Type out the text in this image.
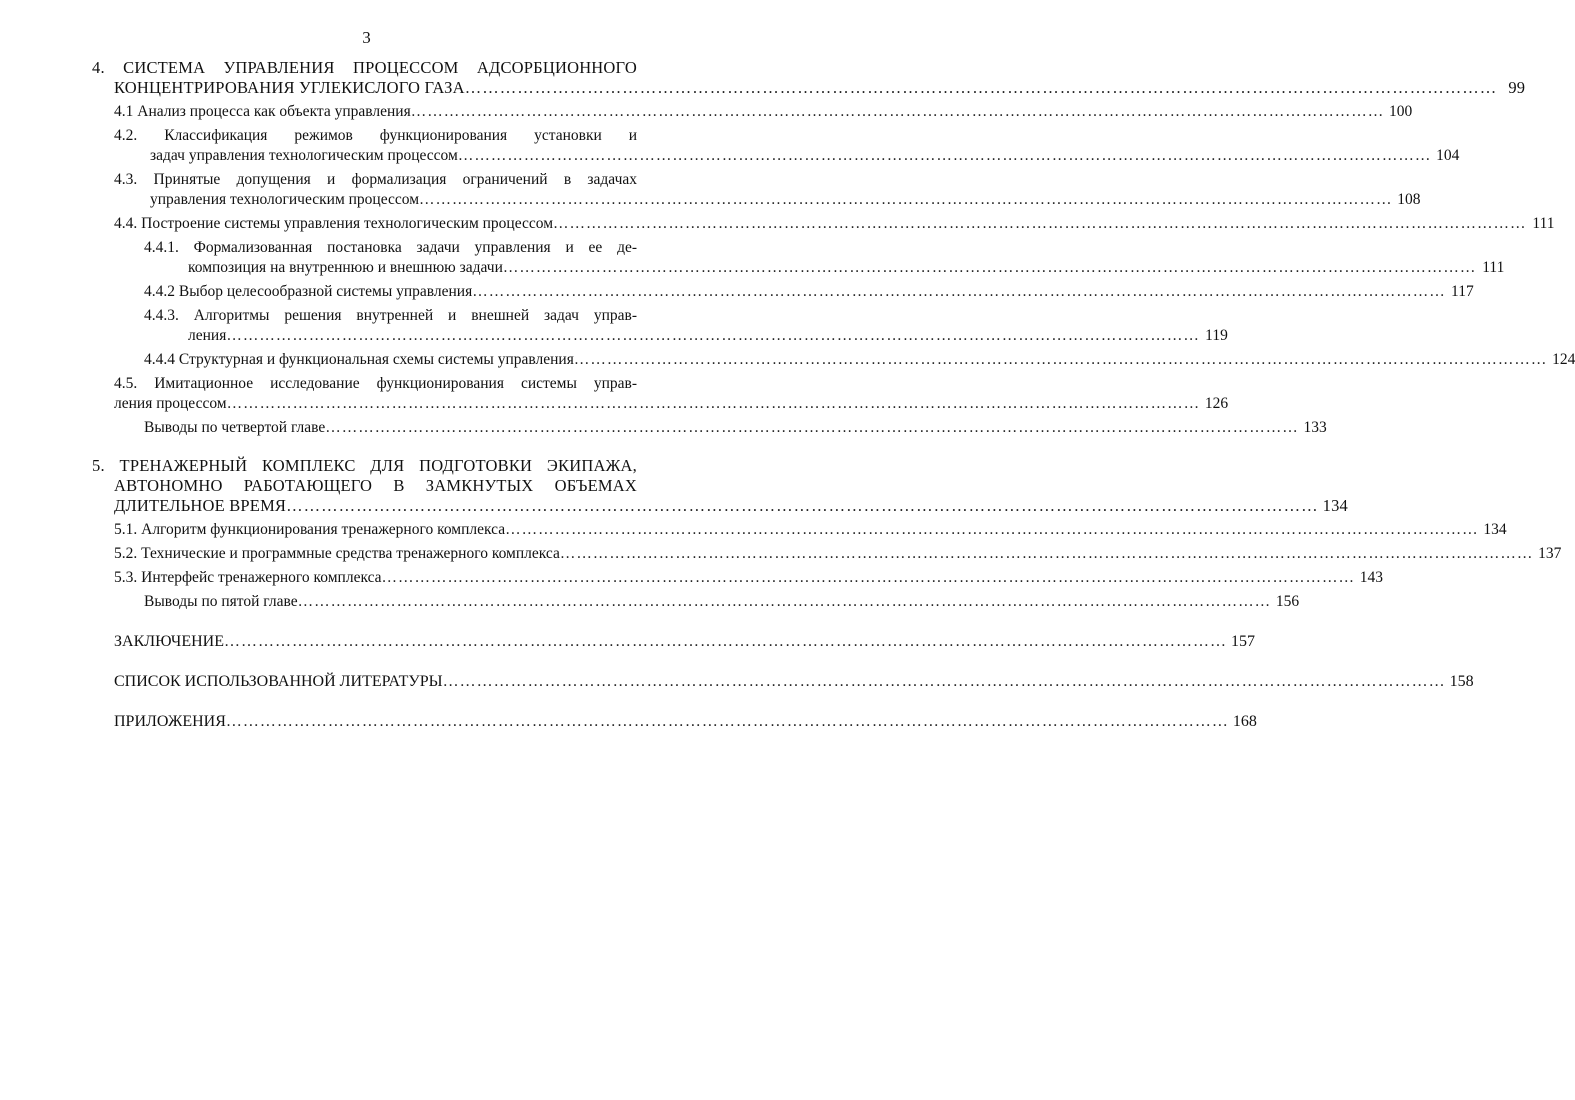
3
4. СИСТЕМА УПРАВЛЕНИЯ ПРОЦЕССОМ АДСОРБЦИОННОГО
КОНЦЕНТРИРОВАНИЯ УГЛЕКИСЛОГО ГАЗА ……………………………………………………………………………………………………………………………………………………………	99
4.1 Анализ процесса как объекта управления ……………………………………………………………………………………………………………………………………………………………	100
4.2. Классификация режимов функционирования установки и
задач управления технологическим процессом ……………………………………………………………………………………………………………………………………………………………	104
4.3. Принятые допущения и формализация ограничений в задачах
управления технологическим процессом ……………………………………………………………………………………………………………………………………………………………	108
4.4. Построение системы управления технологическим процессом ……………………………………………………………………………………………………………………………………………………………	111
4.4.1. Формализованная постановка задачи управления и ее де-
композиция на внутреннюю и внешнюю задачи ……………………………………………………………………………………………………………………………………………………………	111
4.4.2 Выбор целесообразной системы управления ……………………………………………………………………………………………………………………………………………………………	117
4.4.3. Алгоритмы решения внутренней и внешней задач управ-
ления ……………………………………………………………………………………………………………………………………………………………	119
4.4.4 Структурная и функциональная схемы системы управления ……………………………………………………………………………………………………………………………………………………………	124
4.5. Имитационное исследование функционирования системы управ-
ления процессом ……………………………………………………………………………………………………………………………………………………………	126
Выводы по четвертой главе ……………………………………………………………………………………………………………………………………………………………	133
5. ТРЕНАЖЕРНЫЙ КОМПЛЕКС ДЛЯ ПОДГОТОВКИ ЭКИПАЖА,
АВТОНОМНО РАБОТАЮЩЕГО В ЗАМКНУТЫХ ОБЪЕМАХ
ДЛИТЕЛЬНОЕ ВРЕМЯ ……………………………………………………………………………………………………………………………………………………………	134
5.1. Алгоритм функционирования тренажерного комплекса ……………………………………………………………………………………………………………………………………………………………	134
5.2. Технические и программные средства тренажерного комплекса ……………………………………………………………………………………………………………………………………………………………	137
5.3. Интерфейс тренажерного комплекса ……………………………………………………………………………………………………………………………………………………………	143
Выводы по пятой главе ……………………………………………………………………………………………………………………………………………………………	156
ЗАКЛЮЧЕНИЕ ……………………………………………………………………………………………………………………………………………………………	157
СПИСОК ИСПОЛЬЗОВАННОЙ ЛИТЕРАТУРЫ ……………………………………………………………………………………………………………………………………………………………	158
ПРИЛОЖЕНИЯ ……………………………………………………………………………………………………………………………………………………………	168
